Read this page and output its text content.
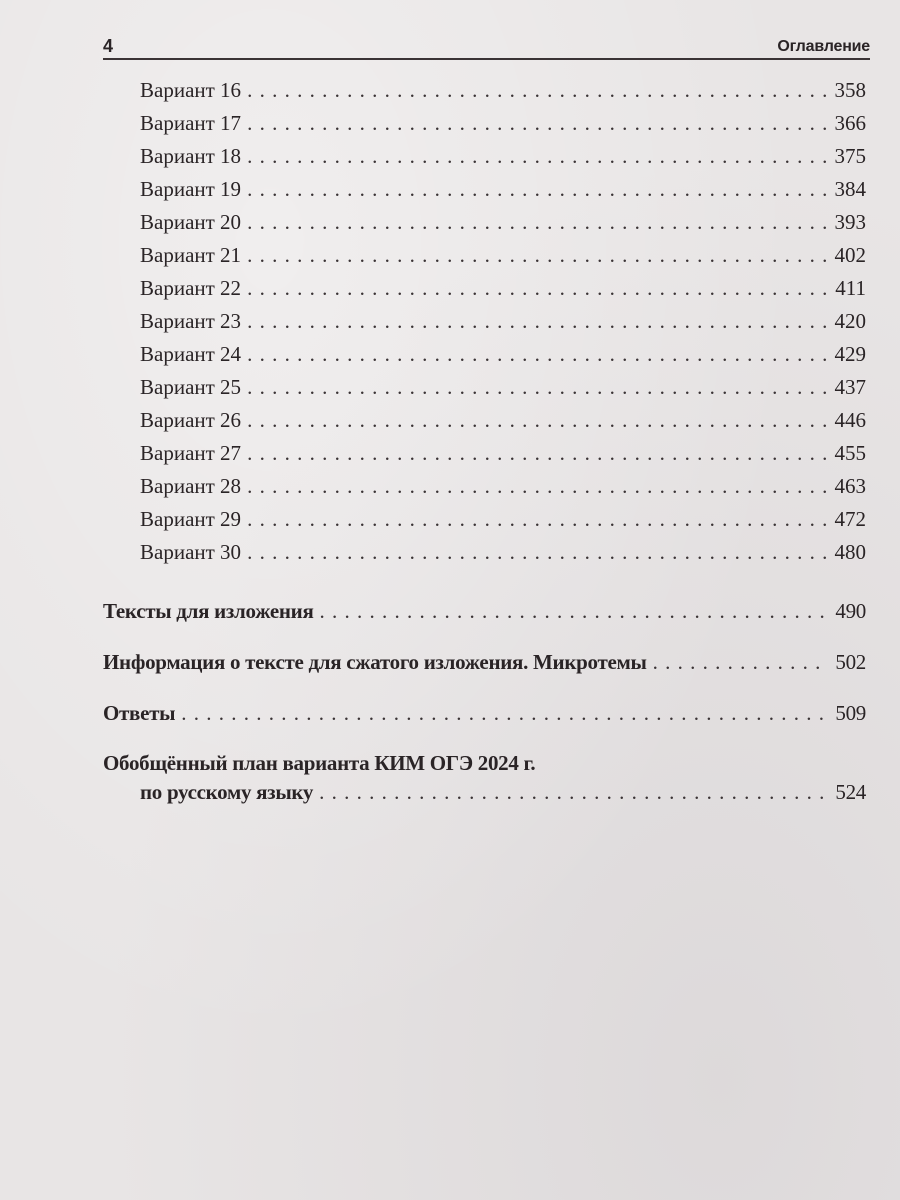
4	Оглавление
Вариант 16 . . .	358
Вариант 17 . . .	366
Вариант 18 . . .	375
Вариант 19 . . .	384
Вариант 20 . . .	393
Вариант 21 . . .	402
Вариант 22 . . .	411
Вариант 23 . . .	420
Вариант 24 . . .	429
Вариант 25 . . .	437
Вариант 26 . . .	446
Вариант 27 . . .	455
Вариант 28 . . .	463
Вариант 29 . . .	472
Вариант 30 . . .	480
Тексты для изложения . . .	490
Информация о тексте для сжатого изложения. Микротемы . . .	502
Ответы . . .	509
Обобщённый план варианта КИМ ОГЭ 2024 г.
по русскому языку . . .	524
